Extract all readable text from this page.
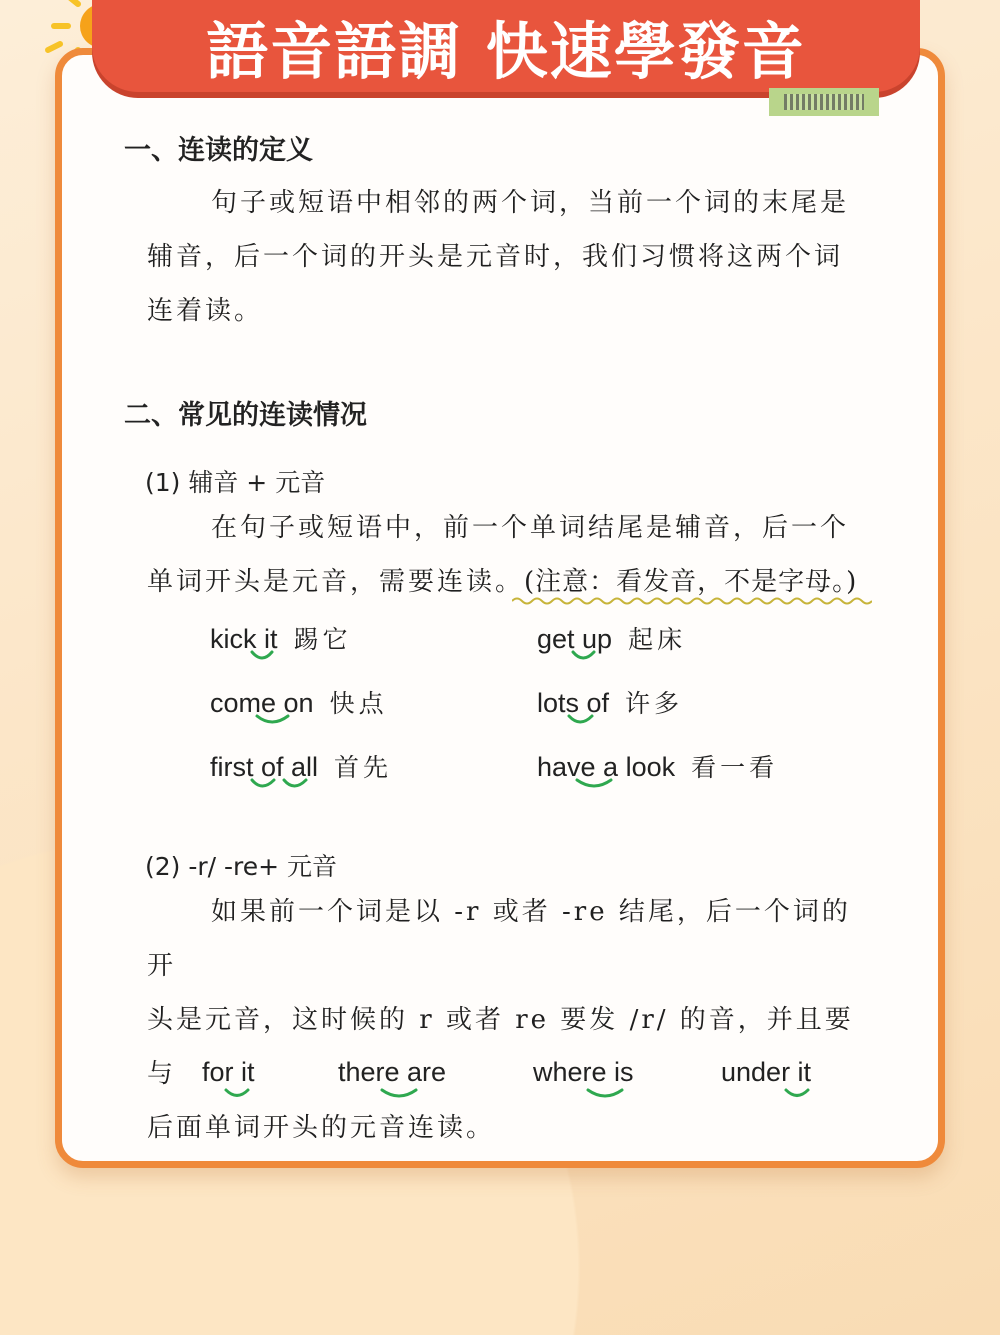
語音語調 快速學發音
一、连读的定义
句子或短语中相邻的两个词，当前一个词的末尾是
辅音，后一个词的开头是元音时，我们习惯将这两个词
连着读。
二、常见的连读情况
(1) 辅音 + 元音
在句子或短语中，前一个单词结尾是辅音，后一个
单词开头是元音，需要连读。(注意：看发音，不是字母。)
kick it 踢它	get up 起床
come on 快点	lots of 许多
first of all 首先	have a look 看一看
(2) -r/ -re+ 元音
如果前一个词是以 -r 或者 -re 结尾，后一个词的开
头是元音，这时候的 r 或者 re 要发 /r/ 的音，并且要与
后面单词开头的元音连读。
for it	there are	where is	under it
